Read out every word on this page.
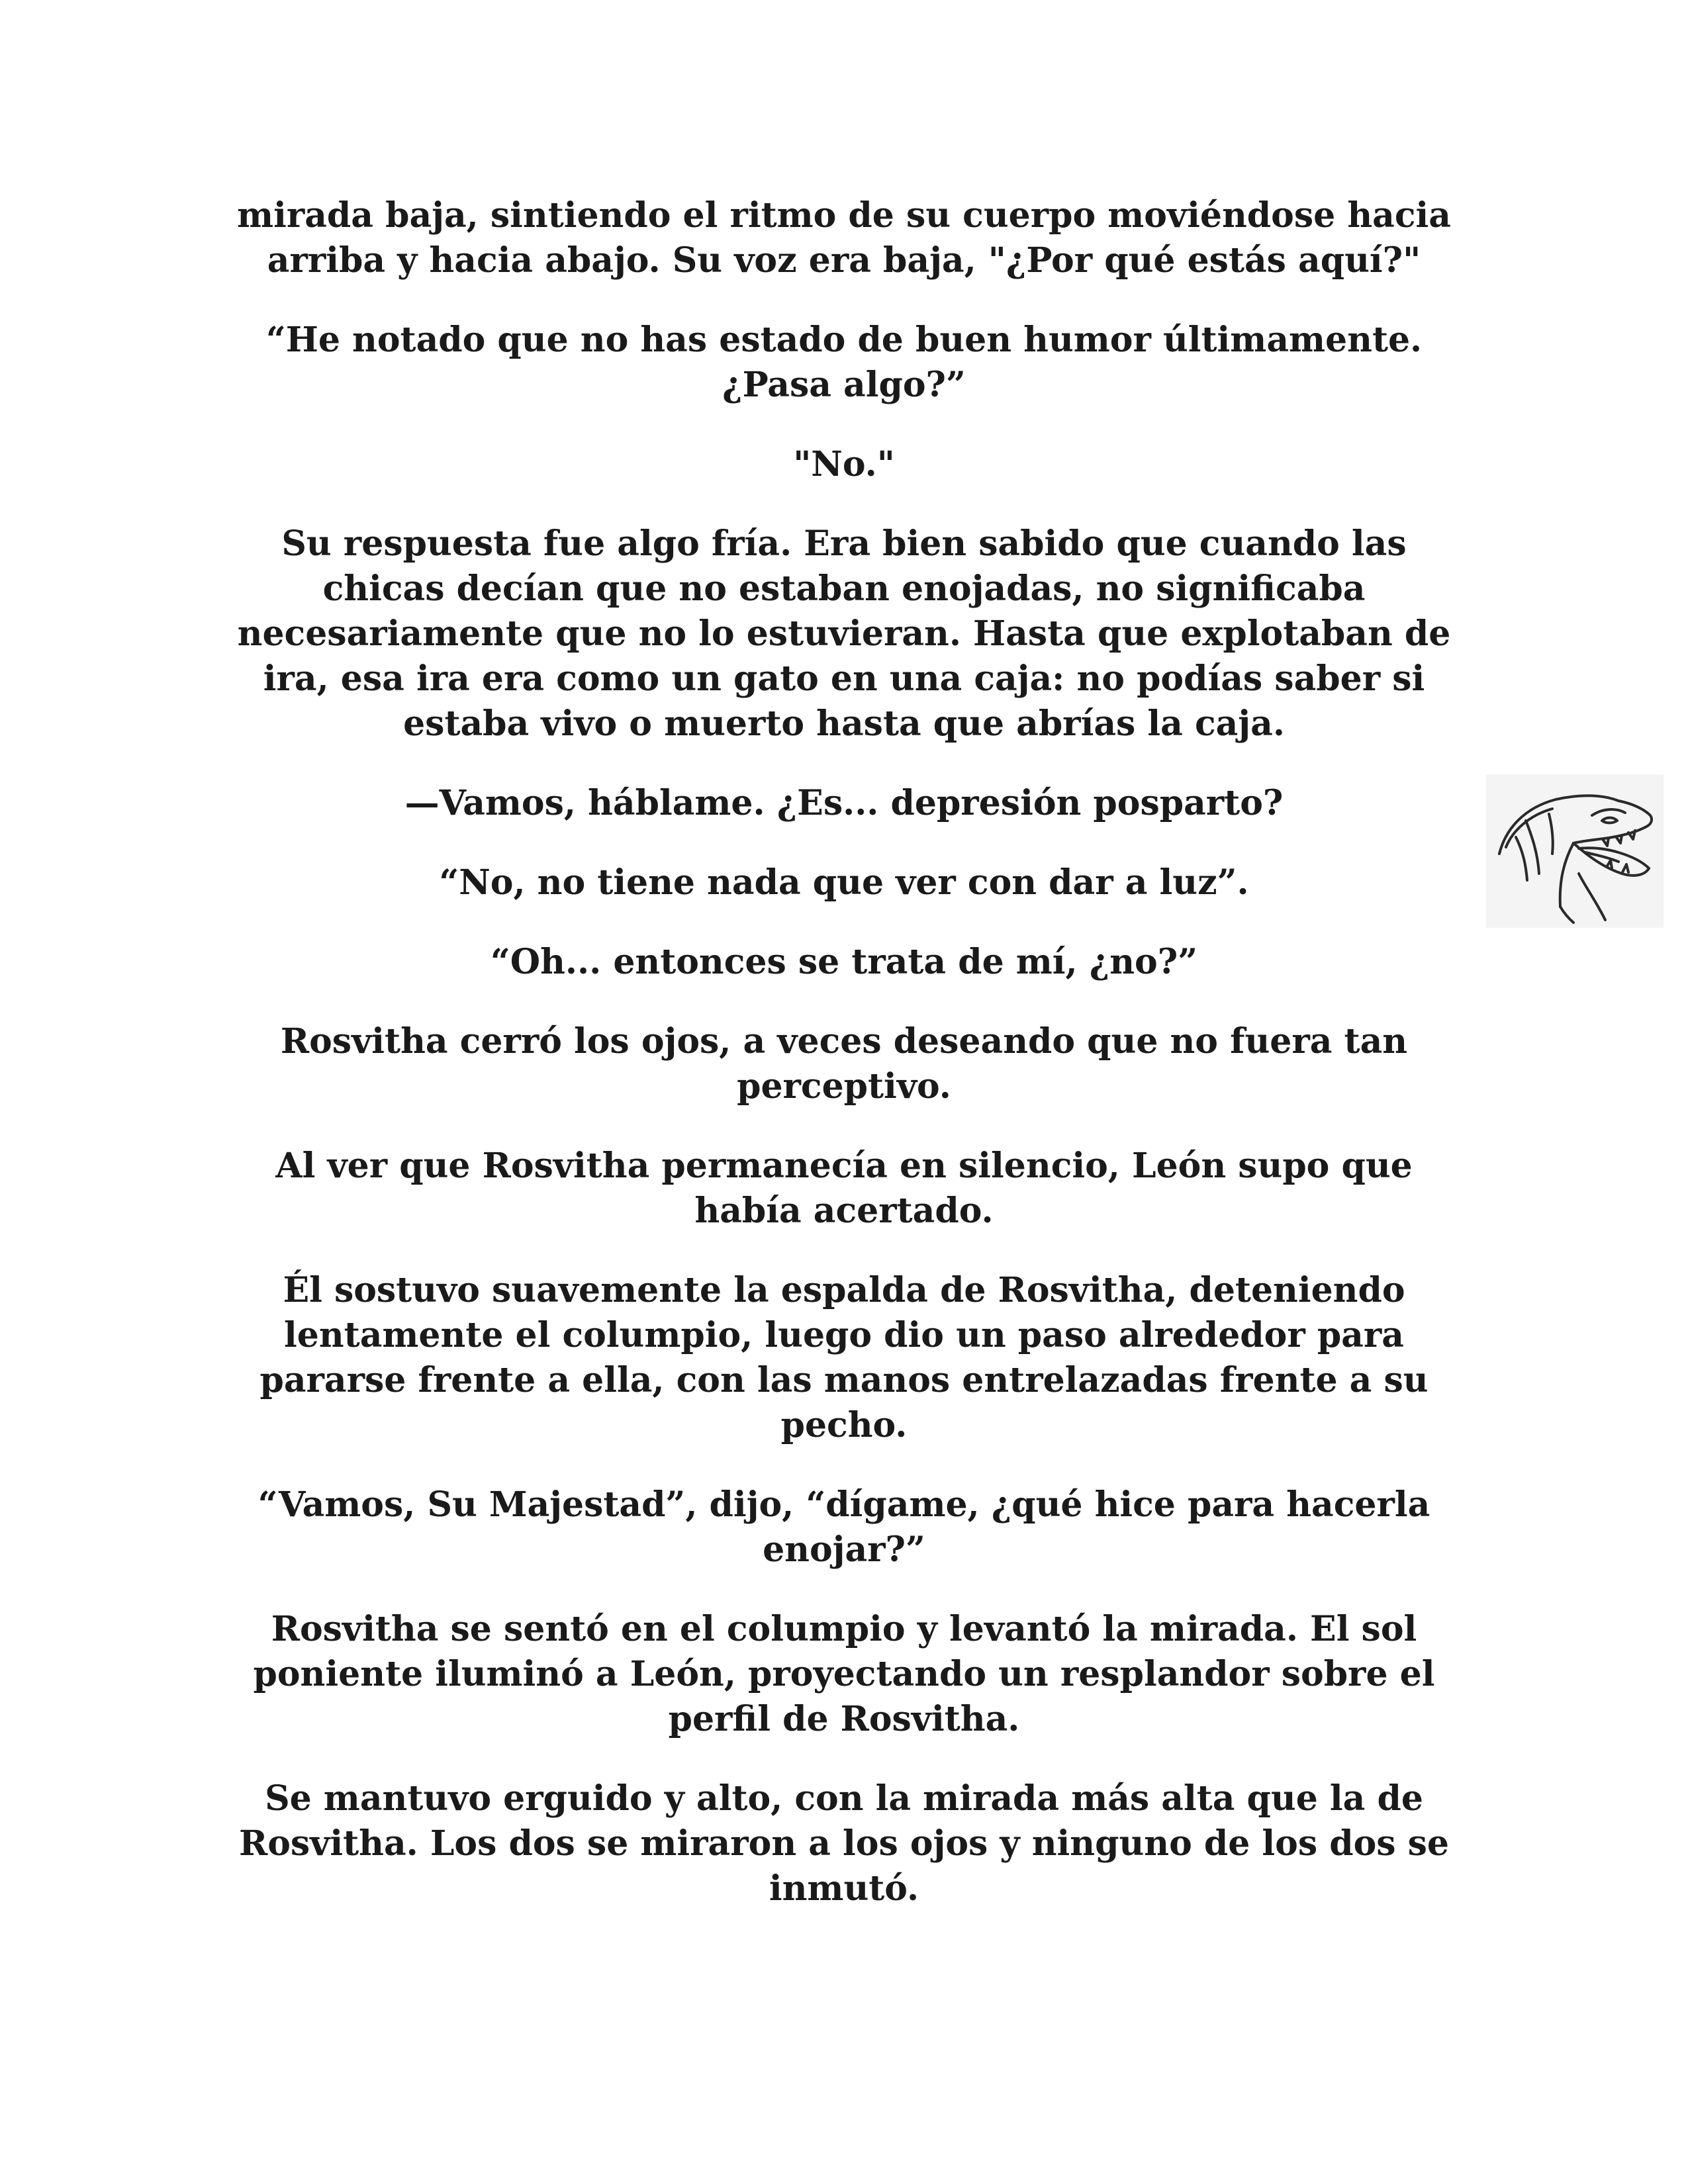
mirada baja, sintiendo el ritmo de su cuerpo moviéndose hacia
arriba y hacia abajo. Su voz era baja, "¿Por qué estás aquí?"

“He notado que no has estado de buen humor últimamente.
¿Pasa algo?”

"No."

Su respuesta fue algo fría. Era bien sabido que cuando las
chicas decían que no estaban enojadas, no significaba
necesariamente que no lo estuvieran. Hasta que explotaban de
ira, esa ira era como un gato en una caja: no podías saber si
estaba vivo o muerto hasta que abrías la caja.

—Vamos, háblame. ¿Es... depresión posparto?

“No, no tiene nada que ver con dar a luz”.

“Oh... entonces se trata de mí, ¿no?”

Rosvitha cerró los ojos, a veces deseando que no fuera tan
perceptivo.

Al ver que Rosvitha permanecía en silencio, León supo que
había acertado.

Él sostuvo suavemente la espalda de Rosvitha, deteniendo
lentamente el columpio, luego dio un paso alrededor para
pararse frente a ella, con las manos entrelazadas frente a su
pecho.

“Vamos, Su Majestad”, dijo, “dígame, ¿qué hice para hacerla
enojar?”

Rosvitha se sentó en el columpio y levantó la mirada. El sol
poniente iluminó a León, proyectando un resplandor sobre el
perfil de Rosvitha.

Se mantuvo erguido y alto, con la mirada más alta que la de
Rosvitha. Los dos se miraron a los ojos y ninguno de los dos se
inmutó.
